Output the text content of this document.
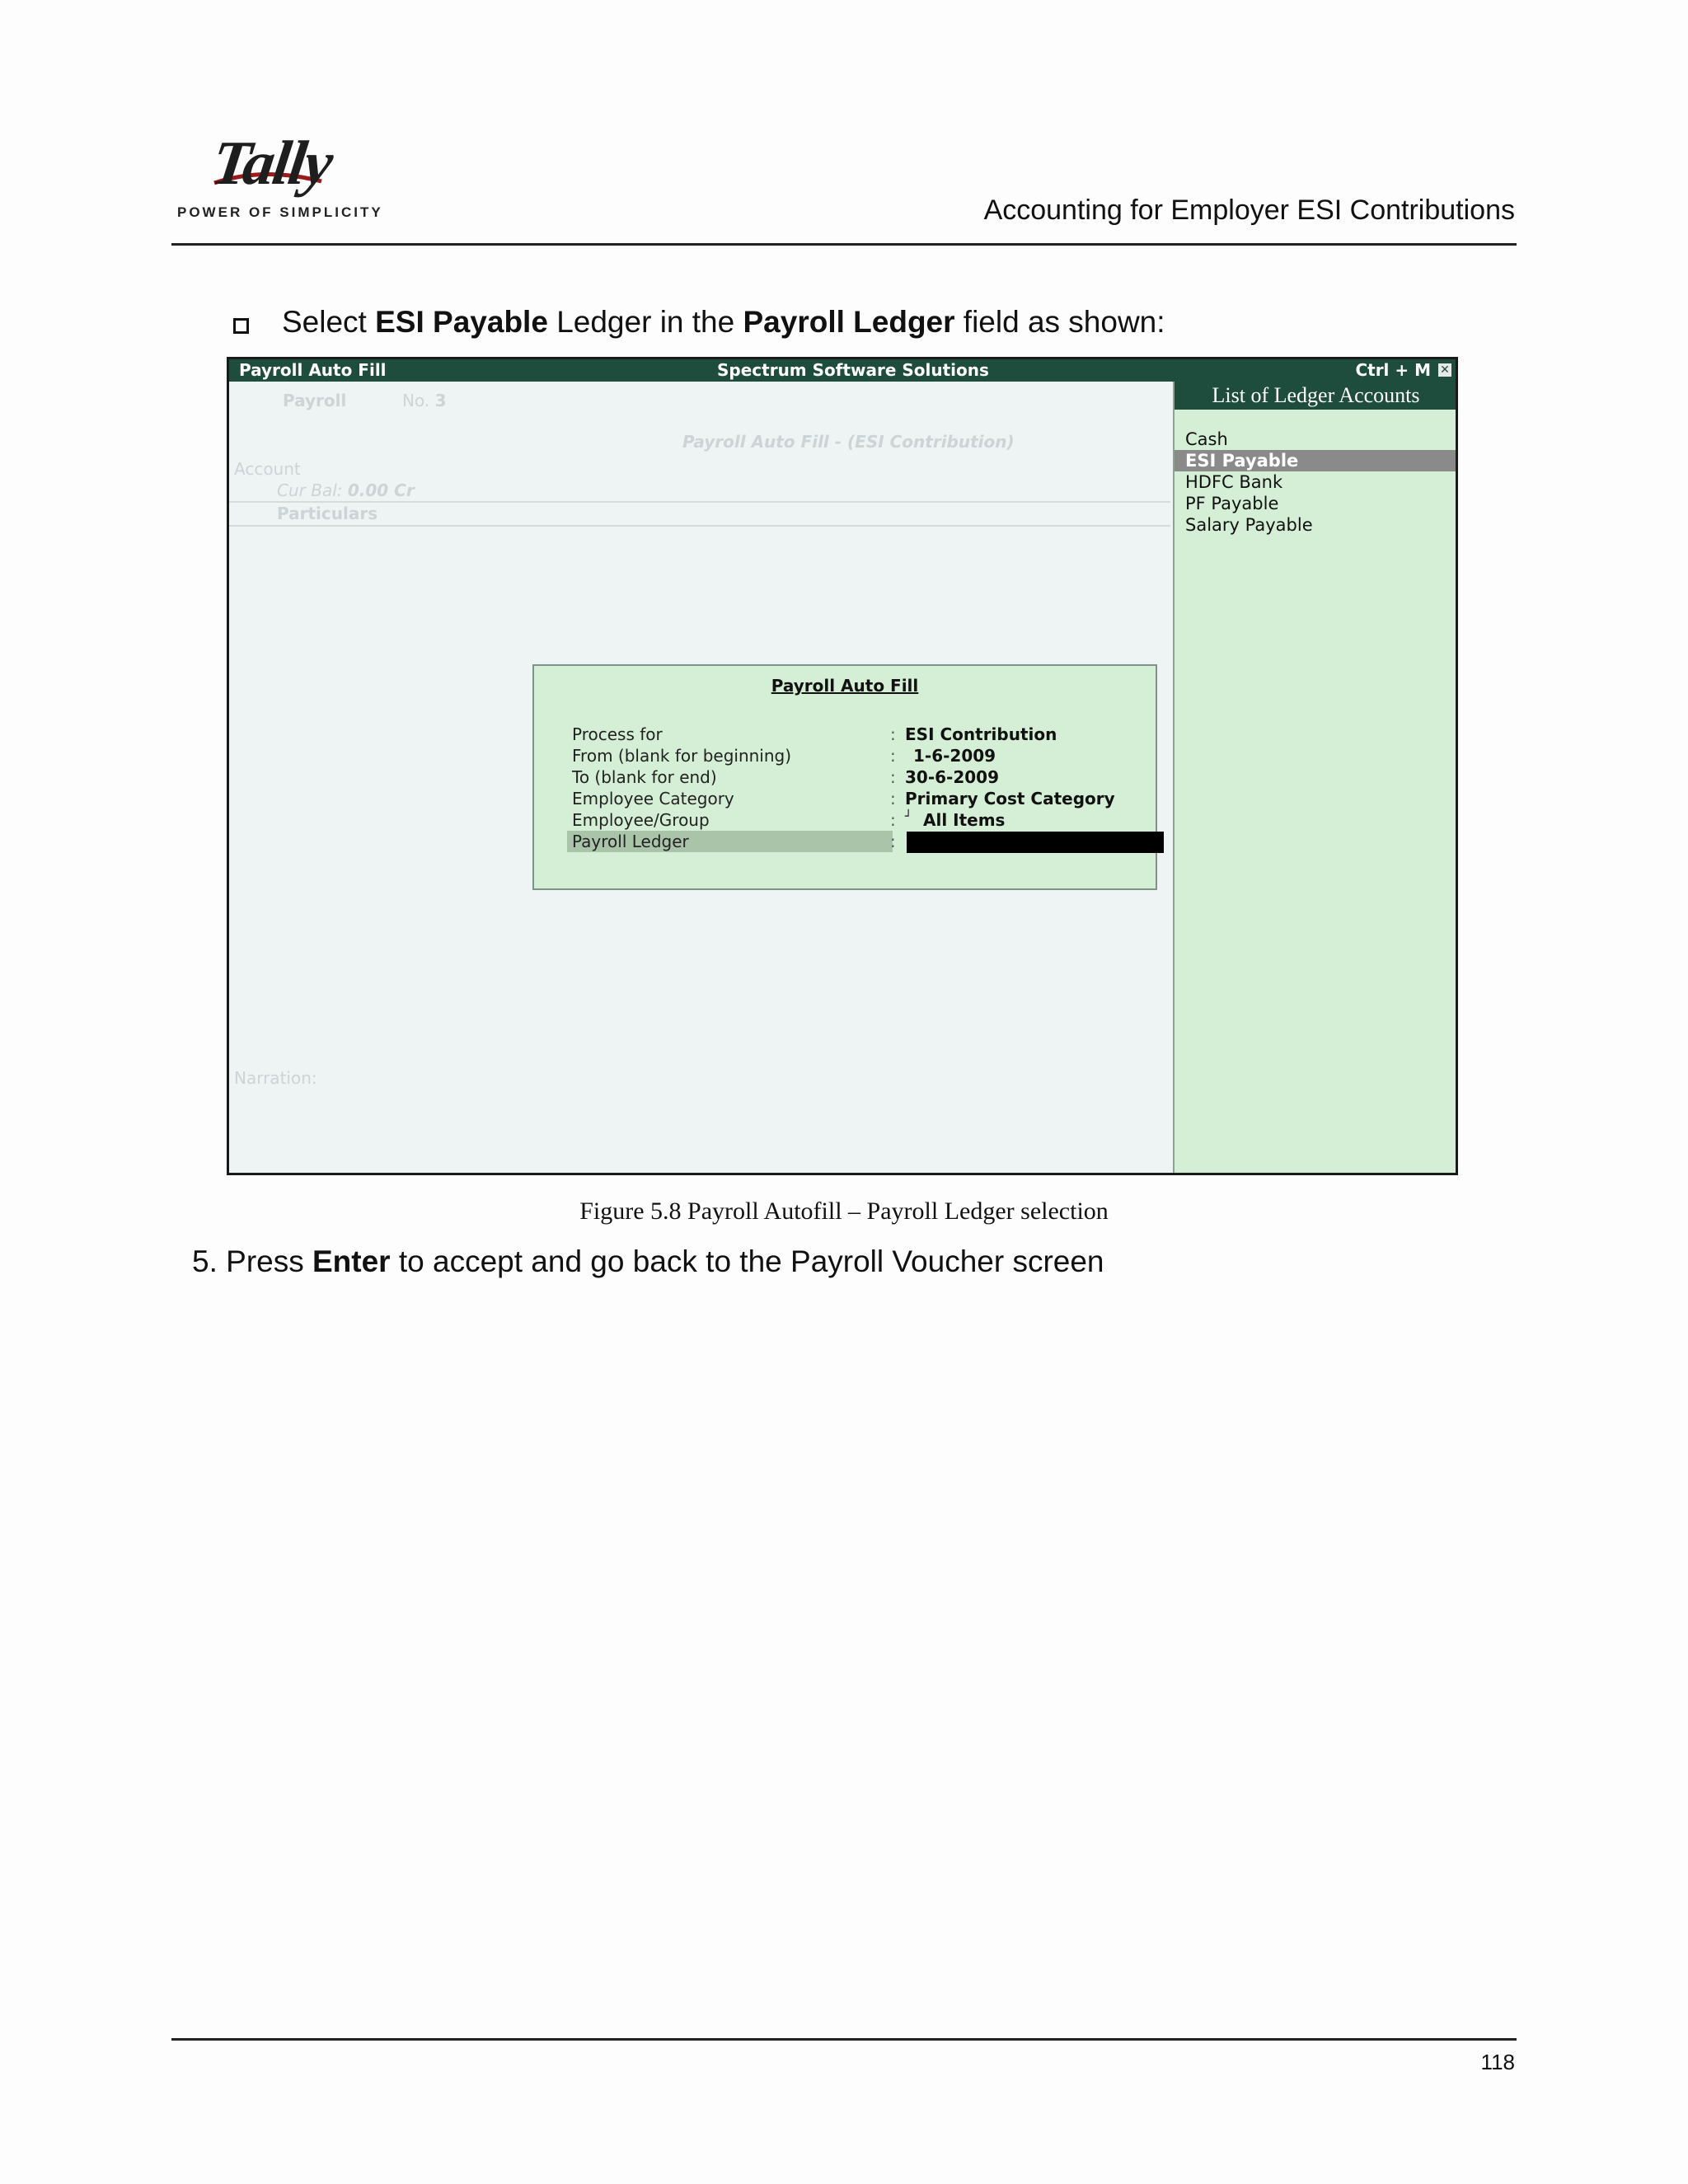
Tally
POWER OF SIMPLICITY	Accounting for Employer ESI Contributions
Select ESI Payable Ledger in the Payroll Ledger field as shown:
Payroll Auto Fill	Spectrum Software Solutions	Ctrl + M ✕
Payroll	No. 3
Payroll Auto Fill - (ESI Contribution)
Account
Cur Bal: 0.00 Cr
Particulars
Narration:
List of Ledger Accounts
Cash
ESI Payable
HDFC Bank
PF Payable
Salary Payable
Payroll Auto Fill
Process for	: ESI Contribution
From (blank for beginning)	: 1-6-2009
To (blank for end)	: 30-6-2009
Employee Category	: Primary Cost Category
Employee/Group	: ┘ All Items
Payroll Ledger	:
Figure 5.8 Payroll Autofill – Payroll Ledger selection
5. Press Enter to accept and go back to the Payroll Voucher screen
118
